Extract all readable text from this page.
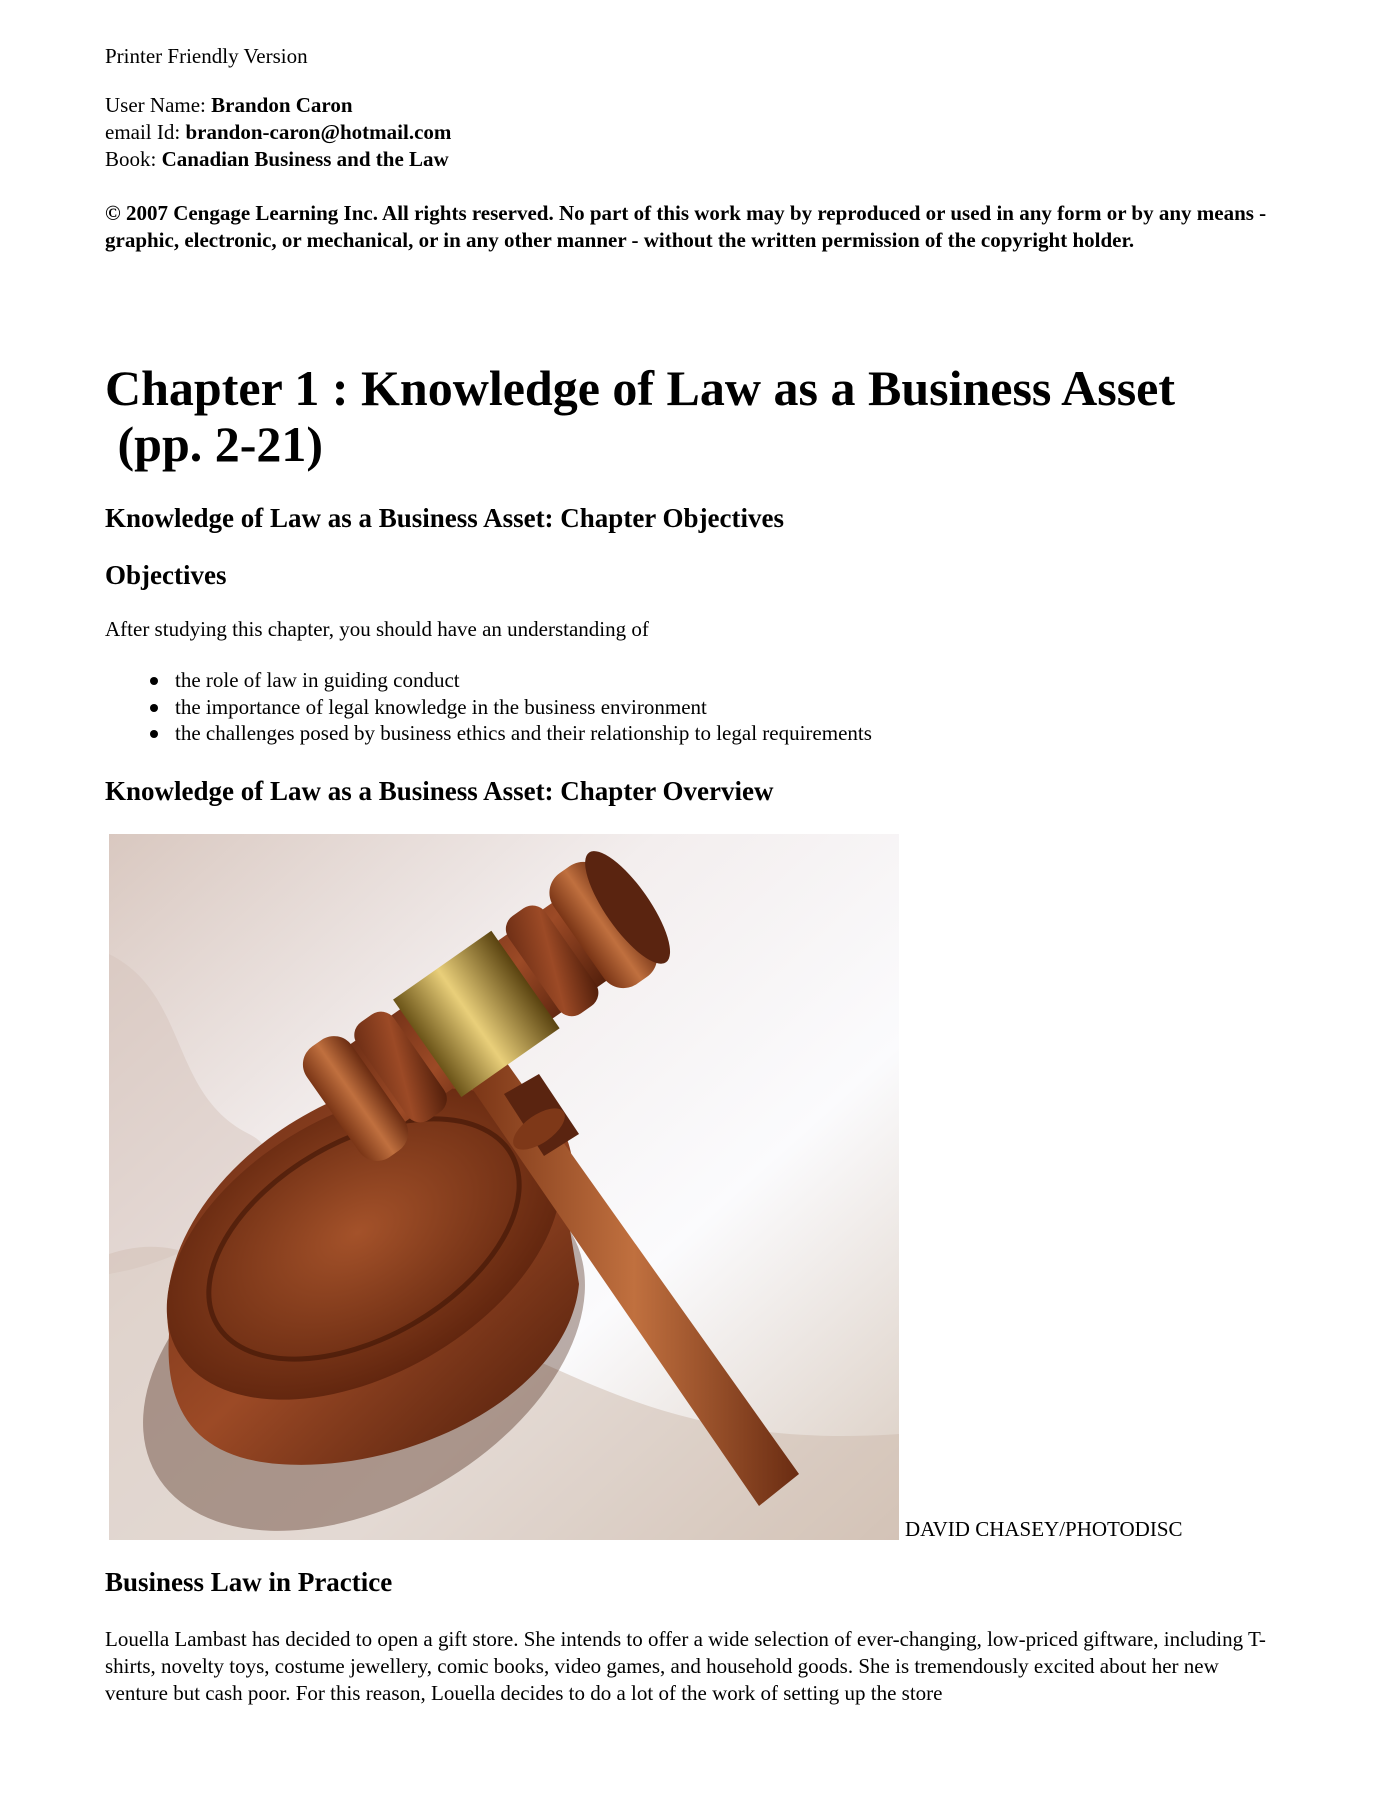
Printer Friendly Version
User Name: Brandon Caron
email Id: brandon-caron@hotmail.com
Book: Canadian Business and the Law
© 2007 Cengage Learning Inc. All rights reserved. No part of this work may by reproduced or used in any form or by any means - graphic, electronic, or mechanical, or in any other manner - without the written permission of the copyright holder.
Chapter 1 : Knowledge of Law as a Business Asset
(pp. 2-21)
Knowledge of Law as a Business Asset: Chapter Objectives
Objectives
After studying this chapter, you should have an understanding of
the role of law in guiding conduct
the importance of legal knowledge in the business environment
the challenges posed by business ethics and their relationship to legal requirements
Knowledge of Law as a Business Asset: Chapter Overview
DAVID CHASEY/PHOTODISC
Business Law in Practice
Louella Lambast has decided to open a gift store. She intends to offer a wide selection of ever-changing, low-priced giftware, including T-shirts, novelty toys, costume jewellery, comic books, video games, and household goods. She is tremendously excited about her new venture but cash poor. For this reason, Louella decides to do a lot of the work of setting up the store
